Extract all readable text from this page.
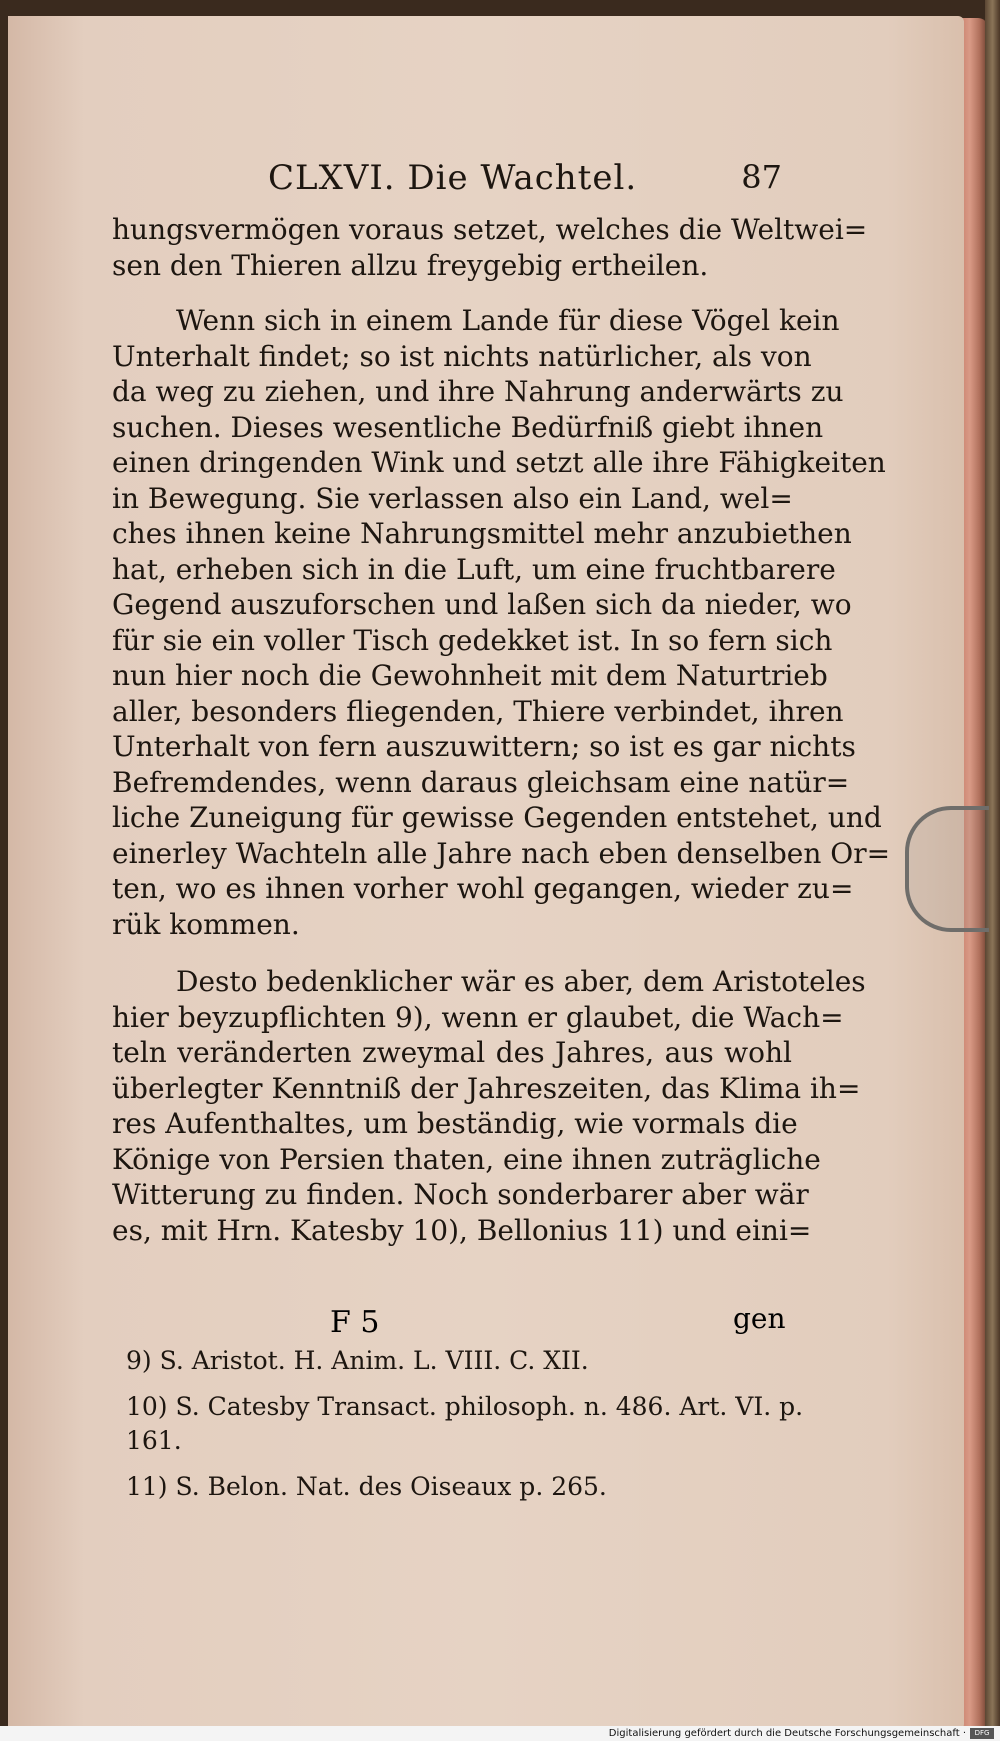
CLXVI. Die Wachtel.	87
hungsvermögen voraus setzet, welches die Weltwei=
sen den Thieren allzu freygebig ertheilen.
Wenn sich in einem Lande für diese Vögel kein
Unterhalt findet; so ist nichts natürlicher, als von
da weg zu ziehen, und ihre Nahrung anderwärts zu
suchen. Dieses wesentliche Bedürfniß giebt ihnen
einen dringenden Wink und setzt alle ihre Fähigkeiten
in Bewegung. Sie verlassen also ein Land, wel=
ches ihnen keine Nahrungsmittel mehr anzubiethen
hat, erheben sich in die Luft, um eine fruchtbarere
Gegend auszuforschen und laßen sich da nieder, wo
für sie ein voller Tisch gedekket ist. In so fern sich
nun hier noch die Gewohnheit mit dem Naturtrieb
aller, besonders fliegenden, Thiere verbindet, ihren
Unterhalt von fern auszuwittern; so ist es gar nichts
Befremdendes, wenn daraus gleichsam eine natür=
liche Zuneigung für gewisse Gegenden entstehet, und
einerley Wachteln alle Jahre nach eben denselben Or=
ten, wo es ihnen vorher wohl gegangen, wieder zu=
rük kommen.
Desto bedenklicher wär es aber, dem Aristoteles
hier beyzupflichten 9), wenn er glaubet, die Wach=
teln veränderten zweymal des Jahres, aus wohl
überlegter Kenntniß der Jahreszeiten, das Klima ih=
res Aufenthaltes, um beständig, wie vormals die
Könige von Persien thaten, eine ihnen zuträgliche
Witterung zu finden. Noch sonderbarer aber wär
es, mit Hrn. Katesby 10), Bellonius 11) und eini=
F 5	gen
9) S. Aristot. H. Anim. L. VIII. C. XII.
10) S. Catesby Transact. philosoph. n. 486. Art. VI. p.
161.
11) S. Belon. Nat. des Oiseaux p. 265.
Digitalisierung gefördert durch die Deutsche Forschungsgemeinschaft ·	DFG
